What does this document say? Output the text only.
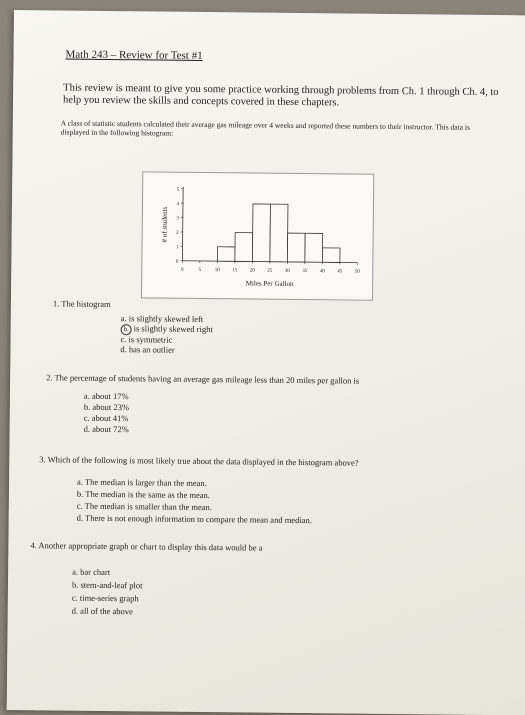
Math 243 – Review for Test #1
This review is meant to give you some practice working through problems from Ch. 1 through Ch. 4, to help you review the skills and concepts covered in these chapters.
A class of statistic students calculated their average gas mileage over 4 weeks and reported these numbers to their instructor. This data is displayed in the following histogram:
0	5	10 15 20 25 30 35 40 45 50
0
1
2
3
4
5
Miles Per Gallon
# of students
1. The histogram
a. is slightly skewed left
b. is slightly skewed right
c. is symmetric
d. has an outlier
2. The percentage of students having an average gas mileage less than 20 miles per gallon is
a. about 17%
b. about 23%
c. about 41%
d. about 72%
3. Which of the following is most likely true about the data displayed in the histogram above?
a. The median is larger than the mean.
b. The median is the same as the mean.
c. The median is smaller than the mean.
d. There is not enough information to compare the mean and median.
4. Another appropriate graph or chart to display this data would be a
a. bar chart
b. stem-and-leaf plot
c. time-series graph
d. all of the above
